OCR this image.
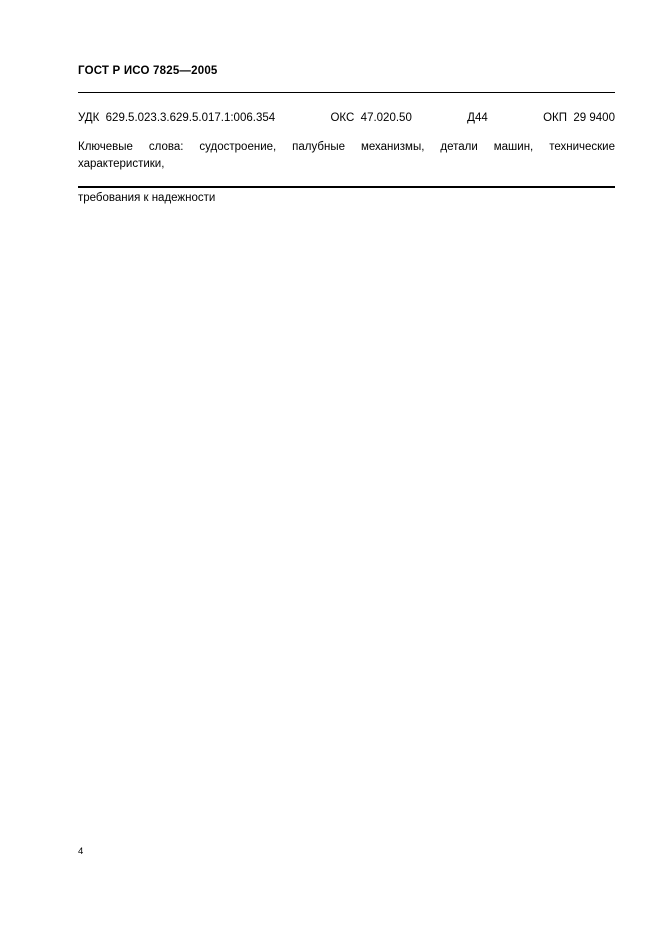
ГОСТ Р ИСО 7825—2005
УДК  629.5.023.3.629.5.017.1:006.354	ОКС  47.020.50	Д44	ОКП  29 9400
Ключевые слова: судостроение, палубные механизмы, детали машин, технические характеристики,
требования к надежности
4
